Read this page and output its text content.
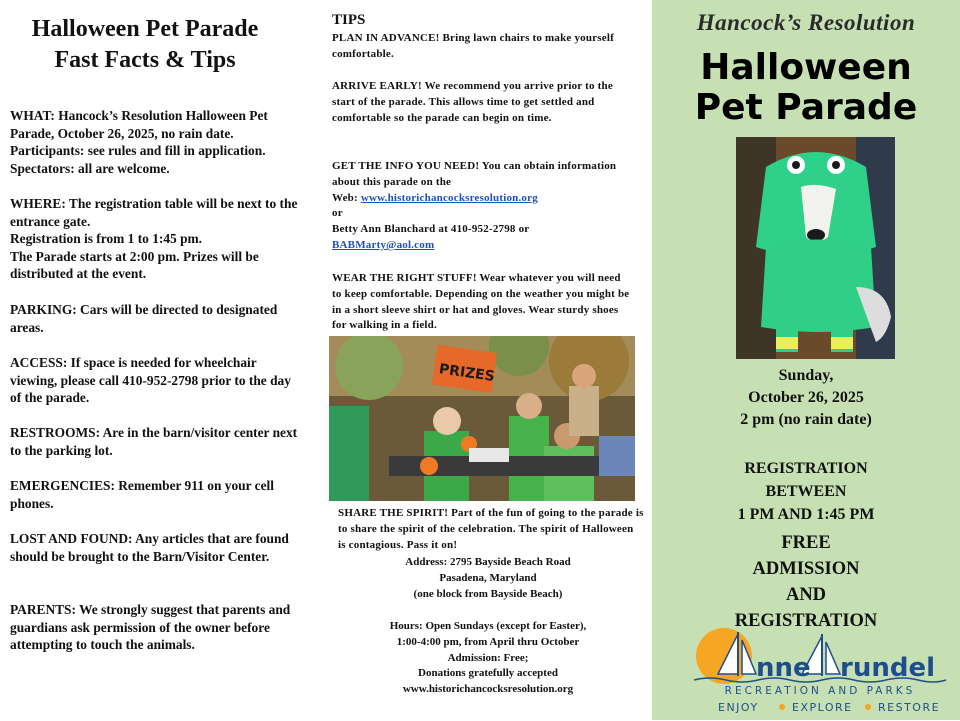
Halloween Pet Parade
Fast Facts & Tips

WHAT: Hancock’s Resolution Halloween Pet Parade, October 26, 2025, no rain date. Participants: see rules and fill in application. Spectators: all are welcome.

WHERE: The registration table will be next to the entrance gate.
Registration is from 1 to 1:45 pm.
The Parade starts at 2:00 pm. Prizes will be distributed at the event.

PARKING: Cars will be directed to designated areas.

ACCESS: If space is needed for wheelchair viewing, please call 410-952-2798 prior to the day of the parade.

RESTROOMS: Are in the barn/visitor center next to the parking lot.

EMERGENCIES: Remember 911 on your cell phones.

LOST AND FOUND: Any articles that are found should be brought to the Barn/Visitor Center.

PARENTS: We strongly suggest that parents and guardians ask permission of the owner before attempting to touch the animals.

TIPS

PLAN IN ADVANCE! Bring lawn chairs to make yourself comfortable.

ARRIVE EARLY! We recommend you arrive prior to the start of the parade. This allows time to get settled and comfortable so the parade can begin on time.

GET THE INFO YOU NEED! You can obtain information about this parade on the

Web: www.historichancocksresolution.org

or

Betty Ann Blanchard at 410-952-2798 or

BABMarty@aol.com

WEAR THE RIGHT STUFF! Wear whatever you will need to keep comfortable. Depending on the weather you might be in a short sleeve shirt or hat and gloves. Wear sturdy shoes for walking in a field.

PRIZES

SHARE THE SPIRIT! Part of the fun of going to the parade is to share the spirit of the celebration. The spirit of Halloween is contagious. Pass it on!

Address: 2795 Bayside Beach Road

Pasadena, Maryland

(one block from Bayside Beach)

Hours: Open Sundays (except for Easter),

1:00-4:00 pm, from April thru October

Admission: Free;

Donations gratefully accepted

www.historichancocksresolution.org

Hancock’s Resolution
Halloween
Pet Parade
Sunday,
October 26, 2025
2 pm (no rain date)
REGISTRATION
BETWEEN
1 PM AND 1:45 PM
FREE
ADMISSION
AND
REGISTRATION
nne rundel
RECREATION AND PARKS
ENJOY	EXPLORE RESTORE
